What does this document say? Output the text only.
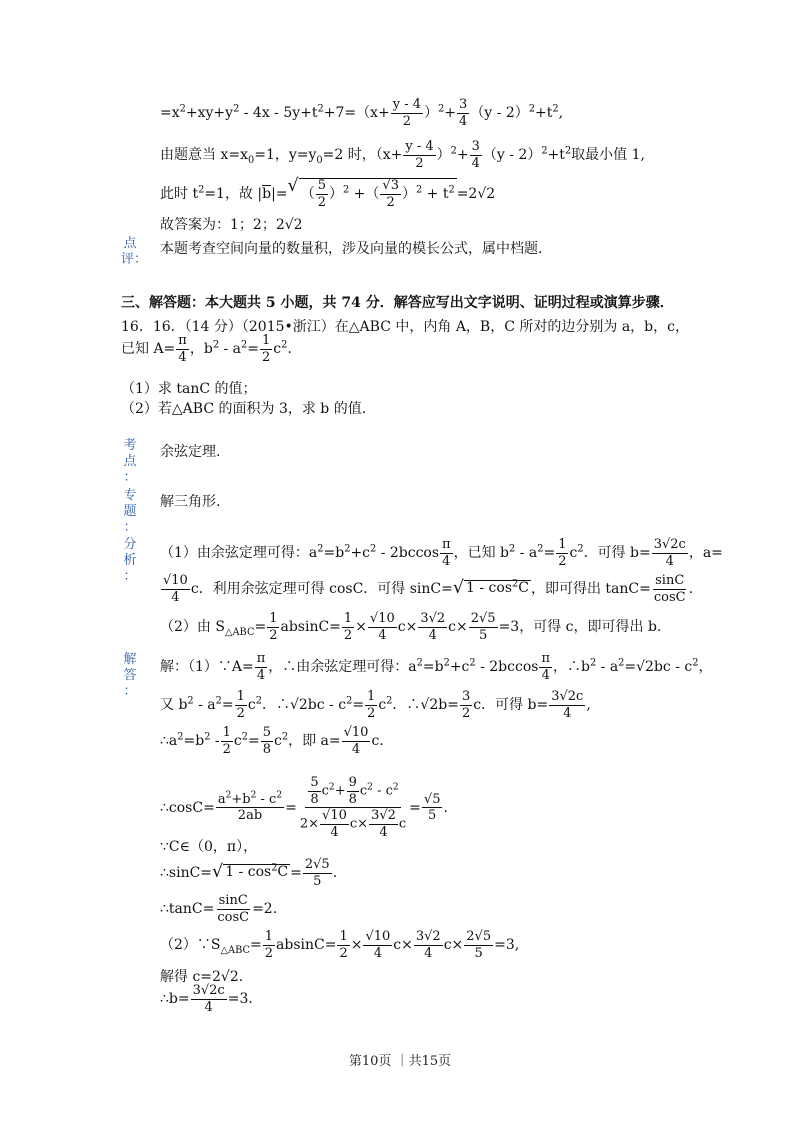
$=x^2+xy+y^2 - 4x - 5y+t^2+7=(x+ \frac{y - 4}{2} )^2+ \frac{3}{4} (y - 2)^2+t^2$,
由题意当 $x=x_0=1$，$y=y_0=2$ 时，$(x+ \frac{y - 4}{2} )^2+ \frac{3}{4} (y - 2)^2+t^2$取最小值 1,
此时 $t^2=1$，故 $|\overline{b}|=$ √ （ $\frac{5}{2} )^2$ +（ $\frac{√3}{2} )^2 + t^2 =2√2$
故答案为：1；2；2√2
点
评：
本题考查空间向量的数量积，涉及向量的模长公式，属中档题.
三、解答题：本大题共 5 小题，共 74 分．解答应写出文字说明、证明过程或演算步骤．
16．16．（14 分）（2015•浙江）在△ABC 中，内角 A，B，C 所对的边分别为 a，b，c，
已知 $A= \frac{\pi}{4}$ ，$b^2 - a^2= \frac{1}{2} c^2$.
（1）求 tanC 的值；
（2）若△ABC 的面积为 3，求 b 的值.
考
点
：
余弦定理.
专
题
：
解三角形.
分
析
：
（1）由余弦定理可得：$a^2=b^2+c^2 - 2bccos \frac{\pi}{4}$ ，已知 $b^2 - a^2= \frac{1}{2} c^2$．可得 $b= \frac{3√2c}{4}$ ，a=
$\frac{√10}{4}$ c．利用余弦定理可得 cosC．可得 sinC= √ $1 - \cos^2C$ ，即可得出 $\tan C= \frac{\sin C}{\cos C}$ .
（2）由 $S_{\triangle ABC}= \frac{1}{2} absinC= \frac{1}{2} \times \frac{√10}{4} c\times \frac{3√2}{4} c\times \frac{2√5}{5} =3$，可得 c，即可得出 b.
解
答
：
解：（1）∵A= $\frac{\pi}{4}$ ，∴由余弦定理可得：$a^2=b^2+c^2 - 2bccos \frac{\pi}{4}$ ，$\therefore b^2 - a^2=√2bc - c^2$，
又 $b^2 - a^2= \frac{1}{2} c^2$．∴√2bc - $c^2= \frac{1}{2} c^2$．∴√2b= $\frac{3}{2}$ c．可得 $b= \frac{3√2c}{4}$ ,
$\therefore a^2=b^2 - \frac{1}{2} c^2= \frac{5}{8} c^2$，即 $a= \frac{√10}{4} c$.
∴cosC= $\frac{a^2+b^2 - c^2}{2ab} = \frac{\frac{5}{8} c^2+ \frac{9}{8} c^2 - c^2}{2\times \frac{√10}{4} c\times \frac{3√2}{4} c} = \frac{√5}{5}$ .
∵C∈（0，π），
∴sinC= √ $1 - \cos^2C = \frac{2√5}{5}$ .
∴tanC= $\frac{\sin C}{\cos C} =2$.
$(2)\because S_{\triangle ABC}= \frac{1}{2} absinC= \frac{1}{2} \times \frac{√10}{4} c\times \frac{3√2}{4} c\times \frac{2√5}{5} =3$,
解得 c=2√2.
∴b= $\frac{3√2c}{4} =3$.
第10页 ｜共15页
